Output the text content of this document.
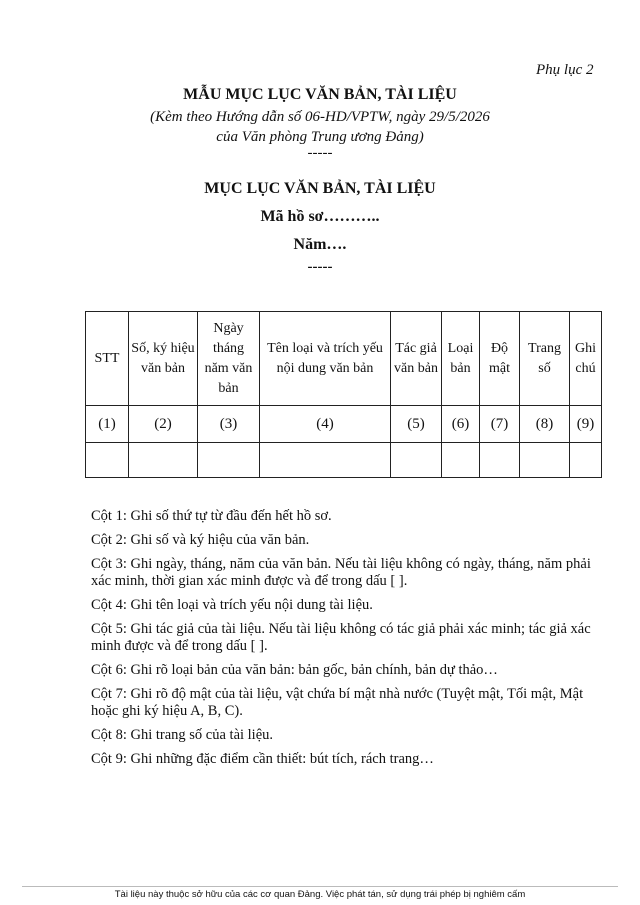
Phụ lục 2
MẪU MỤC LỤC VĂN BẢN, TÀI LIỆU
(Kèm theo Hướng dẫn số 06-HD/VPTW, ngày 29/5/2026
của Văn phòng Trung ương Đảng)
-----
MỤC LỤC VĂN BẢN, TÀI LIỆU
Mã hồ sơ………..
Năm….
-----
STT	Số, ký hiệu văn bản	Ngày tháng năm văn bản	Tên loại và trích yếu nội dung văn bản	Tác giả văn bản	Loại bản	Độ mật	Trang số	Ghi chú
(1)	(2)	(3)	(4)	(5)	(6)	(7)	(8)	(9)

Cột 1: Ghi số thứ tự từ đầu đến hết hồ sơ.

Cột 2: Ghi số và ký hiệu của văn bản.

Cột 3: Ghi ngày, tháng, năm của văn bản. Nếu tài liệu không có ngày, tháng, năm phải xác minh, thời gian xác minh được và để trong dấu [ ].

Cột 4: Ghi tên loại và trích yếu nội dung tài liệu.

Cột 5: Ghi tác giả của tài liệu. Nếu tài liệu không có tác giả phải xác minh; tác giả xác minh được và để trong dấu [ ].

Cột 6: Ghi rõ loại bản của văn bản: bản gốc, bản chính, bản dự thảo…

Cột 7: Ghi rõ độ mật của tài liệu, vật chứa bí mật nhà nước (Tuyệt mật, Tối mật, Mật hoặc ghi ký hiệu A, B, C).

Cột 8: Ghi trang số của tài liệu.

Cột 9: Ghi những đặc điểm cần thiết: bút tích, rách trang…

Tài liệu này thuộc sở hữu của các cơ quan Đảng. Việc phát tán, sử dụng trái phép bị nghiêm cấm
